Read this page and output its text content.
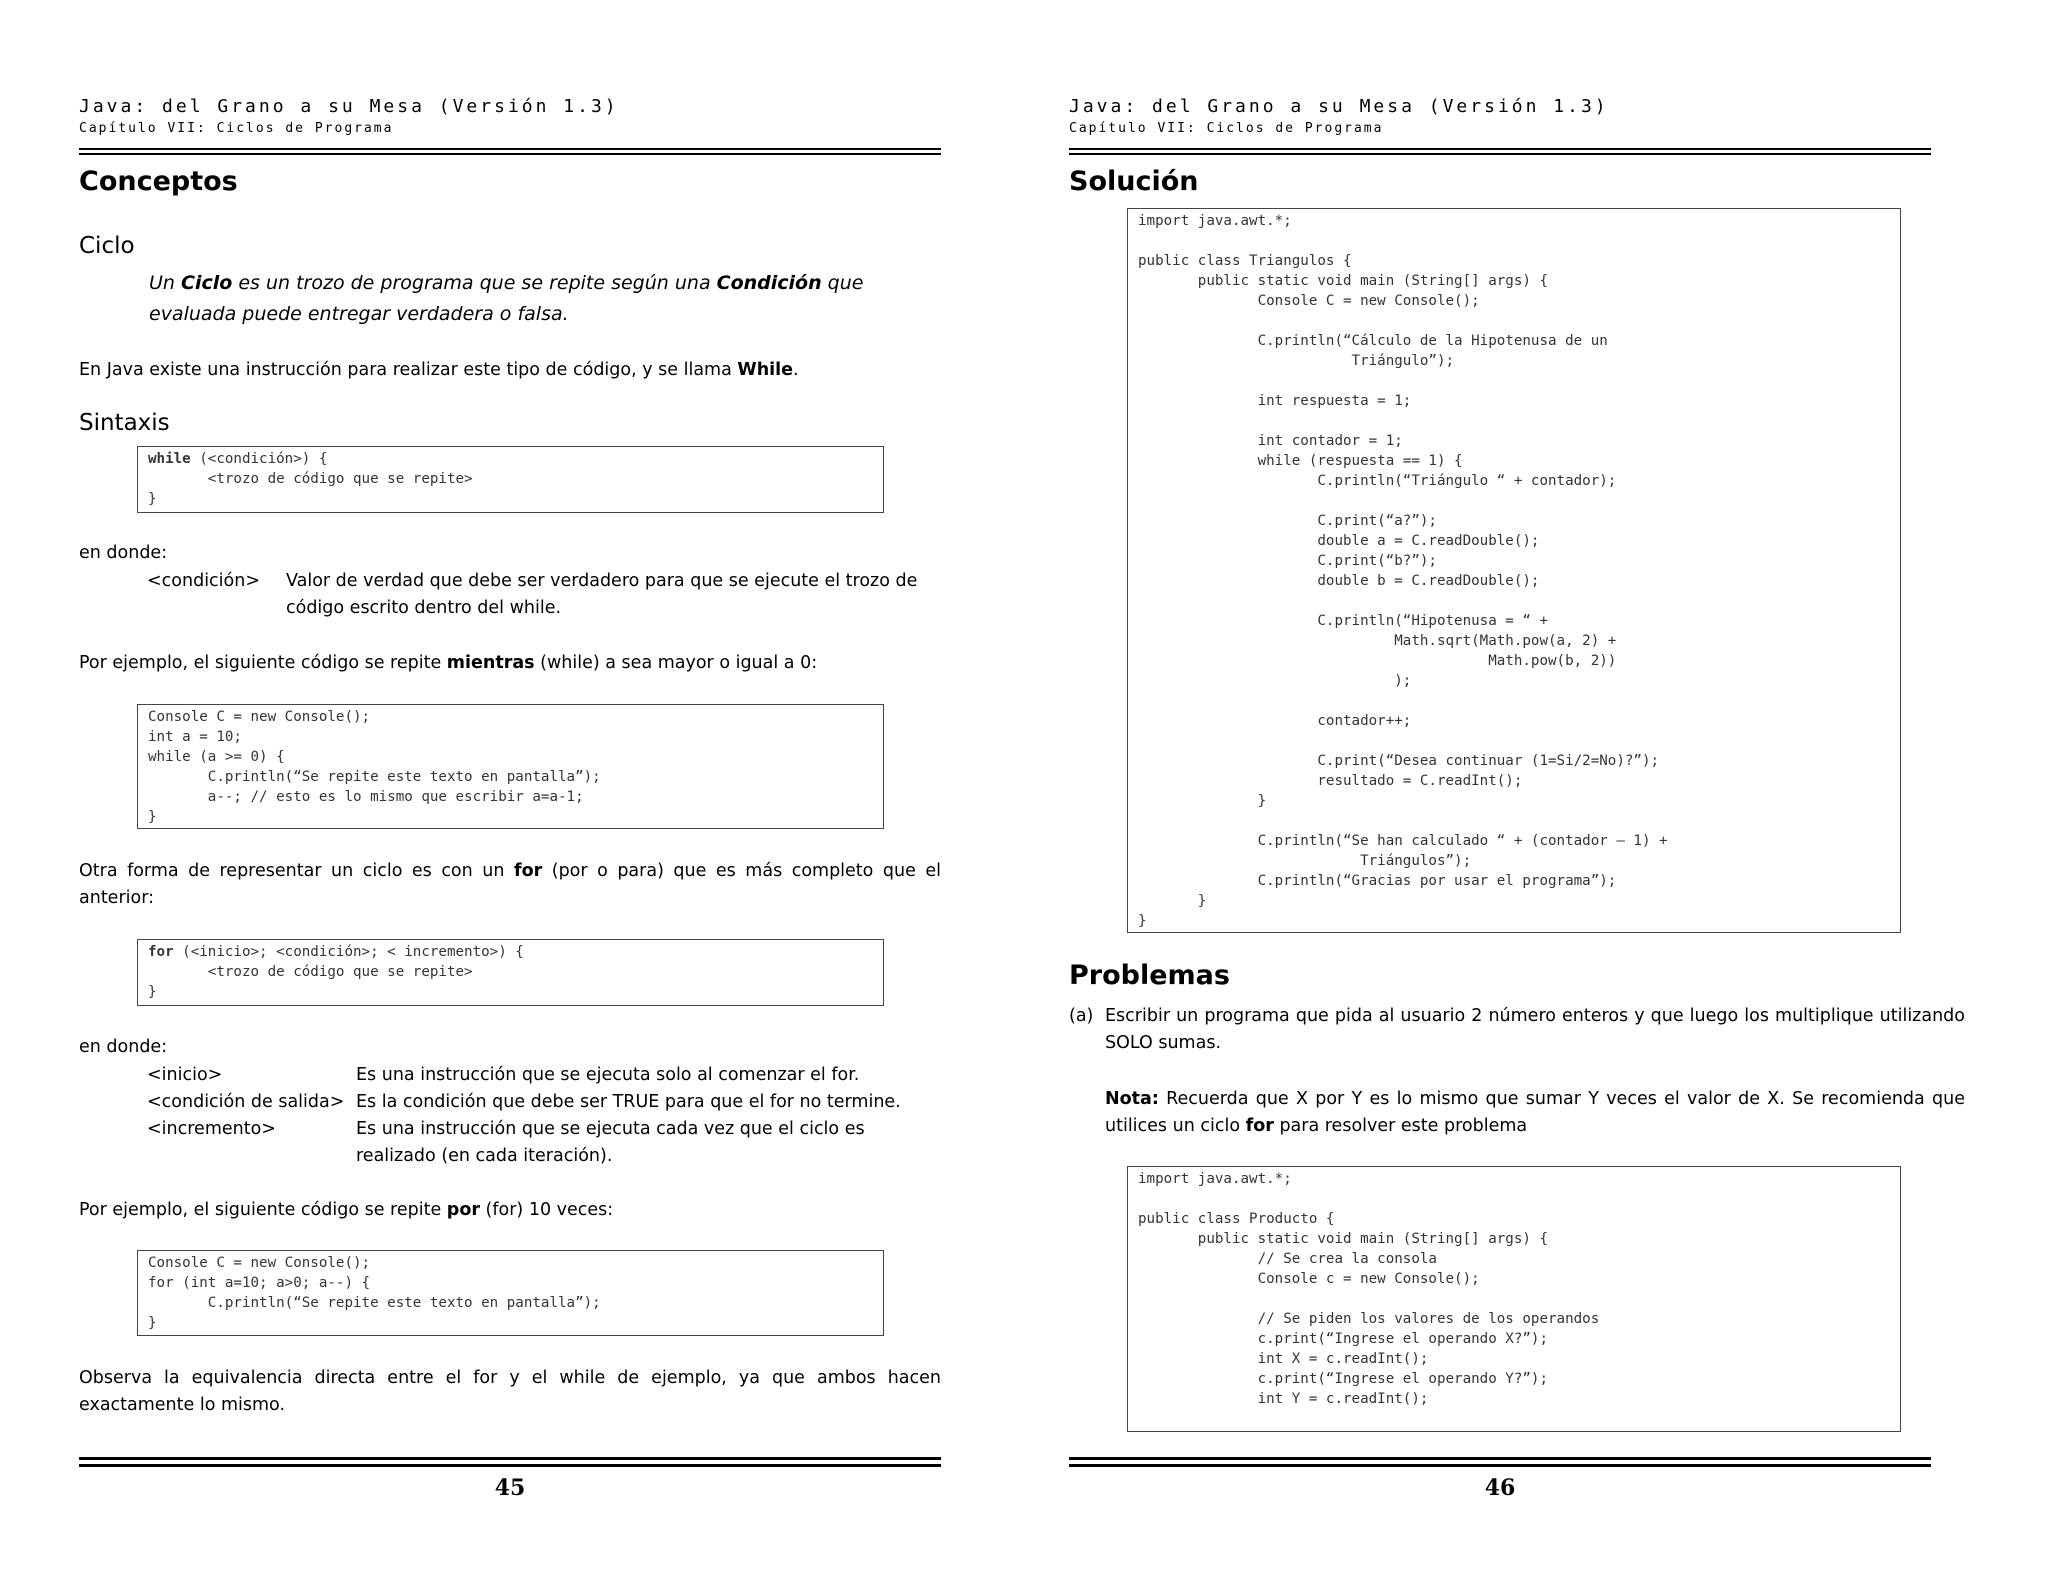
Java: del Grano a su Mesa (Versión 1.3)
Capítulo VII: Ciclos de Programa
Conceptos
Ciclo
Un Ciclo es un trozo de programa que se repite según una Condición que evaluada puede entregar verdadera o falsa.
En Java existe una instrucción para realizar este tipo de código, y se llama While.
Sintaxis
while (<condición>) {
<trozo de código que se repite>
}
en donde:
<condición> Valor de verdad que debe ser verdadero para que se ejecute el trozo de código escrito dentro del while.
Por ejemplo, el siguiente código se repite mientras (while) a sea mayor o igual a 0:
Console C = new Console();
int a = 10;
while (a >= 0) {
C.println(“Se repite este texto en pantalla”);
a--; // esto es lo mismo que escribir a=a-1;
}
Otra forma de representar un ciclo es con un for (por o para) que es más completo que el anterior:
for (<inicio>; <condición>; < incremento>) {
<trozo de código que se repite>
}
en donde:
<inicio>	Es una instrucción que se ejecuta solo al comenzar el for.
<condición de salida> Es la condición que debe ser TRUE para que el for no termine.
<incremento>	Es una instrucción que se ejecuta cada vez que el ciclo es realizado (en cada iteración).
Por ejemplo, el siguiente código se repite por (for) 10 veces:
Console C = new Console();
for (int a=10; a>0; a--) {
C.println(“Se repite este texto en pantalla”);
}
Observa la equivalencia directa entre el for y el while de ejemplo, ya que ambos hacen exactamente lo mismo.
45
Java: del Grano a su Mesa (Versión 1.3)
Capítulo VII: Ciclos de Programa
Solución
import java.awt.*;

public class Triangulos {
public static void main (String[] args) {
Console C = new Console();

C.println(“Cálculo de la Hipotenusa de un
Triángulo”);

int respuesta = 1;

int contador = 1;
while (respuesta == 1) {
C.println(“Triángulo “ + contador);

C.print(“a?”);
double a = C.readDouble();
C.print(“b?”);
double b = C.readDouble();

C.println(“Hipotenusa = “ +
Math.sqrt(Math.pow(a, 2) +
Math.pow(b, 2))
);

contador++;

C.print(“Desea continuar (1=Si/2=No)?”);
resultado = C.readInt();
}

C.println(“Se han calculado “ + (contador – 1) +
Triángulos”);
C.println(“Gracias por usar el programa”);
}
}
Problemas
(a) Escribir un programa que pida al usuario 2 número enteros y que luego los multiplique utilizando SOLO sumas.
Nota: Recuerda que X por Y es lo mismo que sumar Y veces el valor de X. Se recomienda que utilices un ciclo for para resolver este problema
import java.awt.*;

public class Producto {
public static void main (String[] args) {
// Se crea la consola
Console c = new Console();

// Se piden los valores de los operandos
c.print(“Ingrese el operando X?”);
int X = c.readInt();
c.print(“Ingrese el operando Y?”);
int Y = c.readInt();
46
